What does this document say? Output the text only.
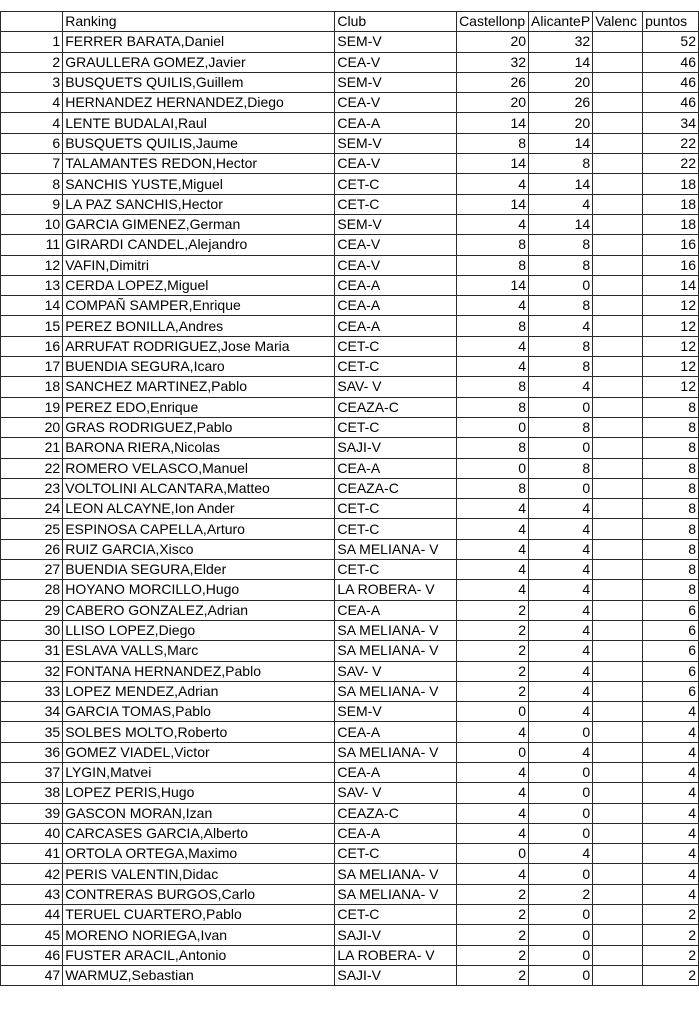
	Ranking	Club	Castellonp	AlicanteP	Valenc	puntos
1	FERRER BARATA,Daniel	SEM-V	20	32		52
2	GRAULLERA GOMEZ,Javier	CEA-V	32	14		46
3	BUSQUETS QUILIS,Guillem	SEM-V	26	20		46
4	HERNANDEZ HERNANDEZ,Diego	CEA-V	20	26		46
4	LENTE BUDALAI,Raul	CEA-A	14	20		34
6	BUSQUETS QUILIS,Jaume	SEM-V	8	14		22
7	TALAMANTES REDON,Hector	CEA-V	14	8		22
8	SANCHIS YUSTE,Miguel	CET-C	4	14		18
9	LA PAZ SANCHIS,Hector	CET-C	14	4		18
10	GARCIA GIMENEZ,German	SEM-V	4	14		18
11	GIRARDI CANDEL,Alejandro	CEA-V	8	8		16
12	VAFIN,Dimitri	CEA-V	8	8		16
13	CERDA LOPEZ,Miguel	CEA-A	14	0		14
14	COMPAÑ SAMPER,Enrique	CEA-A	4	8		12
15	PEREZ BONILLA,Andres	CEA-A	8	4		12
16	ARRUFAT RODRIGUEZ,Jose Maria	CET-C	4	8		12
17	BUENDIA SEGURA,Icaro	CET-C	4	8		12
18	SANCHEZ MARTINEZ,Pablo	SAV- V	8	4		12
19	PEREZ EDO,Enrique	CEAZA-C	8	0		8
20	GRAS RODRIGUEZ,Pablo	CET-C	0	8		8
21	BARONA RIERA,Nicolas	SAJI-V	8	0		8
22	ROMERO VELASCO,Manuel	CEA-A	0	8		8
23	VOLTOLINI ALCANTARA,Matteo	CEAZA-C	8	0		8
24	LEON ALCAYNE,Ion Ander	CET-C	4	4		8
25	ESPINOSA CAPELLA,Arturo	CET-C	4	4		8
26	RUIZ GARCIA,Xisco	SA MELIANA- V	4	4		8
27	BUENDIA SEGURA,Elder	CET-C	4	4		8
28	HOYANO MORCILLO,Hugo	LA ROBERA- V	4	4		8
29	CABERO GONZALEZ,Adrian	CEA-A	2	4		6
30	LLISO LOPEZ,Diego	SA MELIANA- V	2	4		6
31	ESLAVA VALLS,Marc	SA MELIANA- V	2	4		6
32	FONTANA HERNANDEZ,Pablo	SAV- V	2	4		6
33	LOPEZ MENDEZ,Adrian	SA MELIANA- V	2	4		6
34	GARCIA TOMAS,Pablo	SEM-V	0	4		4
35	SOLBES MOLTO,Roberto	CEA-A	4	0		4
36	GOMEZ VIADEL,Victor	SA MELIANA- V	0	4		4
37	LYGIN,Matvei	CEA-A	4	0		4
38	LOPEZ PERIS,Hugo	SAV- V	4	0		4
39	GASCON MORAN,Izan	CEAZA-C	4	0		4
40	CARCASES GARCIA,Alberto	CEA-A	4	0		4
41	ORTOLA ORTEGA,Maximo	CET-C	0	4		4
42	PERIS VALENTIN,Didac	SA MELIANA- V	4	0		4
43	CONTRERAS BURGOS,Carlo	SA MELIANA- V	2	2		4
44	TERUEL CUARTERO,Pablo	CET-C	2	0		2
45	MORENO NORIEGA,Ivan	SAJI-V	2	0		2
46	FUSTER ARACIL,Antonio	LA ROBERA- V	2	0		2
47	WARMUZ,Sebastian	SAJI-V	2	0		2
